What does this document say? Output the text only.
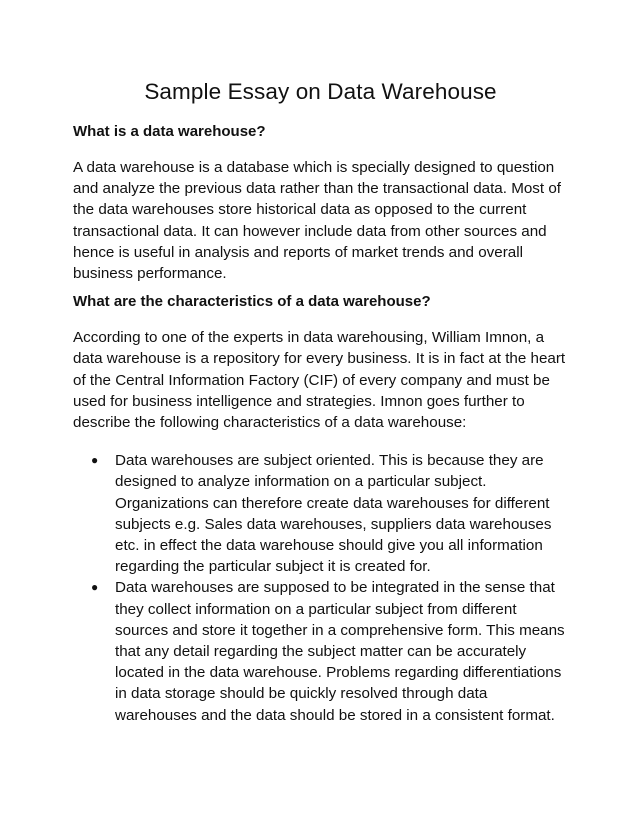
Sample Essay on Data Warehouse
What is a data warehouse?

A data warehouse is a database which is specially designed to question and analyze the previous data rather than the transactional data. Most of the data warehouses store historical data as opposed to the current transactional data. It can however include data from other sources and hence is useful in analysis and reports of market trends and overall business performance.

What are the characteristics of a data warehouse?

According to one of the experts in data warehousing, William Imnon, a data warehouse is a repository for every business. It is in fact at the heart of the Central Information Factory (CIF) of every company and must be used for business intelligence and strategies. Imnon goes further to describe the following characteristics of a data warehouse:

● Data warehouses are subject oriented. This is because they are designed to analyze information on a particular subject. Organizations can therefore create data warehouses for different subjects e.g. Sales data warehouses, suppliers data warehouses etc. in effect the data warehouse should give you all information regarding the particular subject it is created for.
● Data warehouses are supposed to be integrated in the sense that they collect information on a particular subject from different sources and store it together in a comprehensive form. This means that any detail regarding the subject matter can be accurately located in the data warehouse. Problems regarding differentiations in data storage should be quickly resolved through data warehouses and the data should be stored in a consistent format.
